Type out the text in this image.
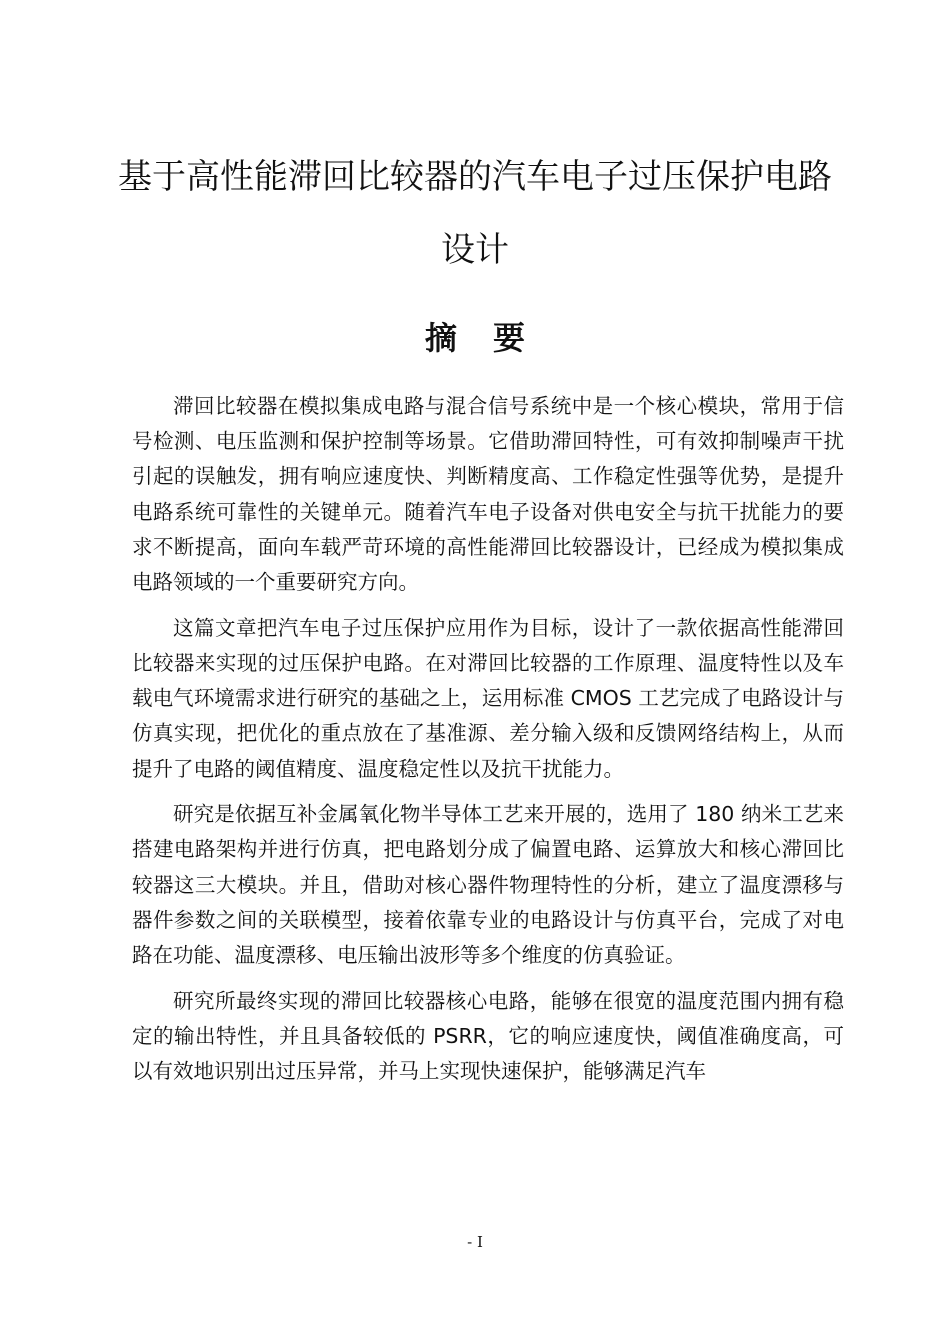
基于高性能滞回比较器的汽车电子过压保护电路
设计
摘要

滞回比较器在模拟集成电路与混合信号系统中是一个核心模块，常用于信号检测、电压监测和保护控制等场景。它借助滞回特性，可有效抑制噪声干扰引起的误触发，拥有响应速度快、判断精度高、工作稳定性强等优势，是提升电路系统可靠性的关键单元。随着汽车电子设备对供电安全与抗干扰能力的要求不断提高，面向车载严苛环境的高性能滞回比较器设计，已经成为模拟集成电路领域的一个重要研究方向。

这篇文章把汽车电子过压保护应用作为目标，设计了一款依据高性能滞回比较器来实现的过压保护电路。在对滞回比较器的工作原理、温度特性以及车载电气环境需求进行研究的基础之上，运用标准 CMOS 工艺完成了电路设计与仿真实现，把优化的重点放在了基准源、差分输入级和反馈网络结构上，从而提升了电路的阈值精度、温度稳定性以及抗干扰能力。

研究是依据互补金属氧化物半导体工艺来开展的，选用了 180 纳米工艺来搭建电路架构并进行仿真，把电路划分成了偏置电路、运算放大和核心滞回比较器这三大模块。并且，借助对核心器件物理特性的分析，建立了温度漂移与器件参数之间的关联模型，接着依靠专业的电路设计与仿真平台，完成了对电路在功能、温度漂移、电压输出波形等多个维度的仿真验证。

研究所最终实现的滞回比较器核心电路，能够在很宽的温度范围内拥有稳定的输出特性，并且具备较低的 PSRR，它的响应速度快，阈值准确度高，可以有效地识别出过压异常，并马上实现快速保护，能够满足汽车

- I
